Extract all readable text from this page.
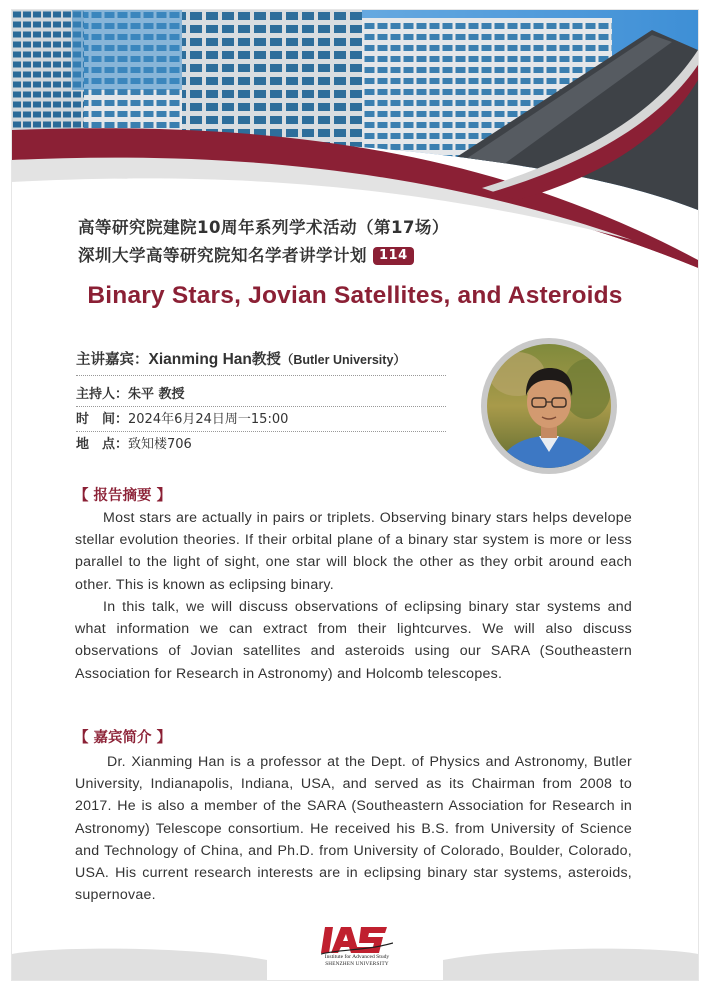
高等研究院建院10周年系列学术活动（第17场）
深圳大学高等研究院知名学者讲学计划 114
Binary Stars, Jovian Satellites, and Asteroids
主讲嘉宾：Xianming Han教授（Butler University）
主持人：朱平 教授
时　间：2024年6月24日周一15:00
地　点：致知楼706
【 报告摘要 】
Most stars are actually in pairs or triplets. Observing binary stars helps develope stellar evolution theories. If their orbital plane of a binary star system is more or less parallel to the light of sight, one star will block the other as they orbit around each other. This is known as eclipsing binary.
In this talk, we will discuss observations of eclipsing binary star systems and what information we can extract from their lightcurves. We will also discuss observations of Jovian satellites and asteroids using our SARA (Southeastern Association for Research in Astronomy) and Holcomb telescopes.
【 嘉宾简介 】
Dr. Xianming Han is a professor at the Dept. of Physics and Astronomy, Butler University, Indianapolis, Indiana, USA, and served as its Chairman from 2008 to 2017. He is also a member of the SARA (Southeastern Association for Research in Astronomy) Telescope consortium. He received his B.S. from University of Science and Technology of China, and Ph.D. from University of Colorado, Boulder, Colorado, USA. His current research interests are in eclipsing binary star systems, asteroids, supernovae.
Institute for Advanced Study
SHENZHEN UNIVERSITY
